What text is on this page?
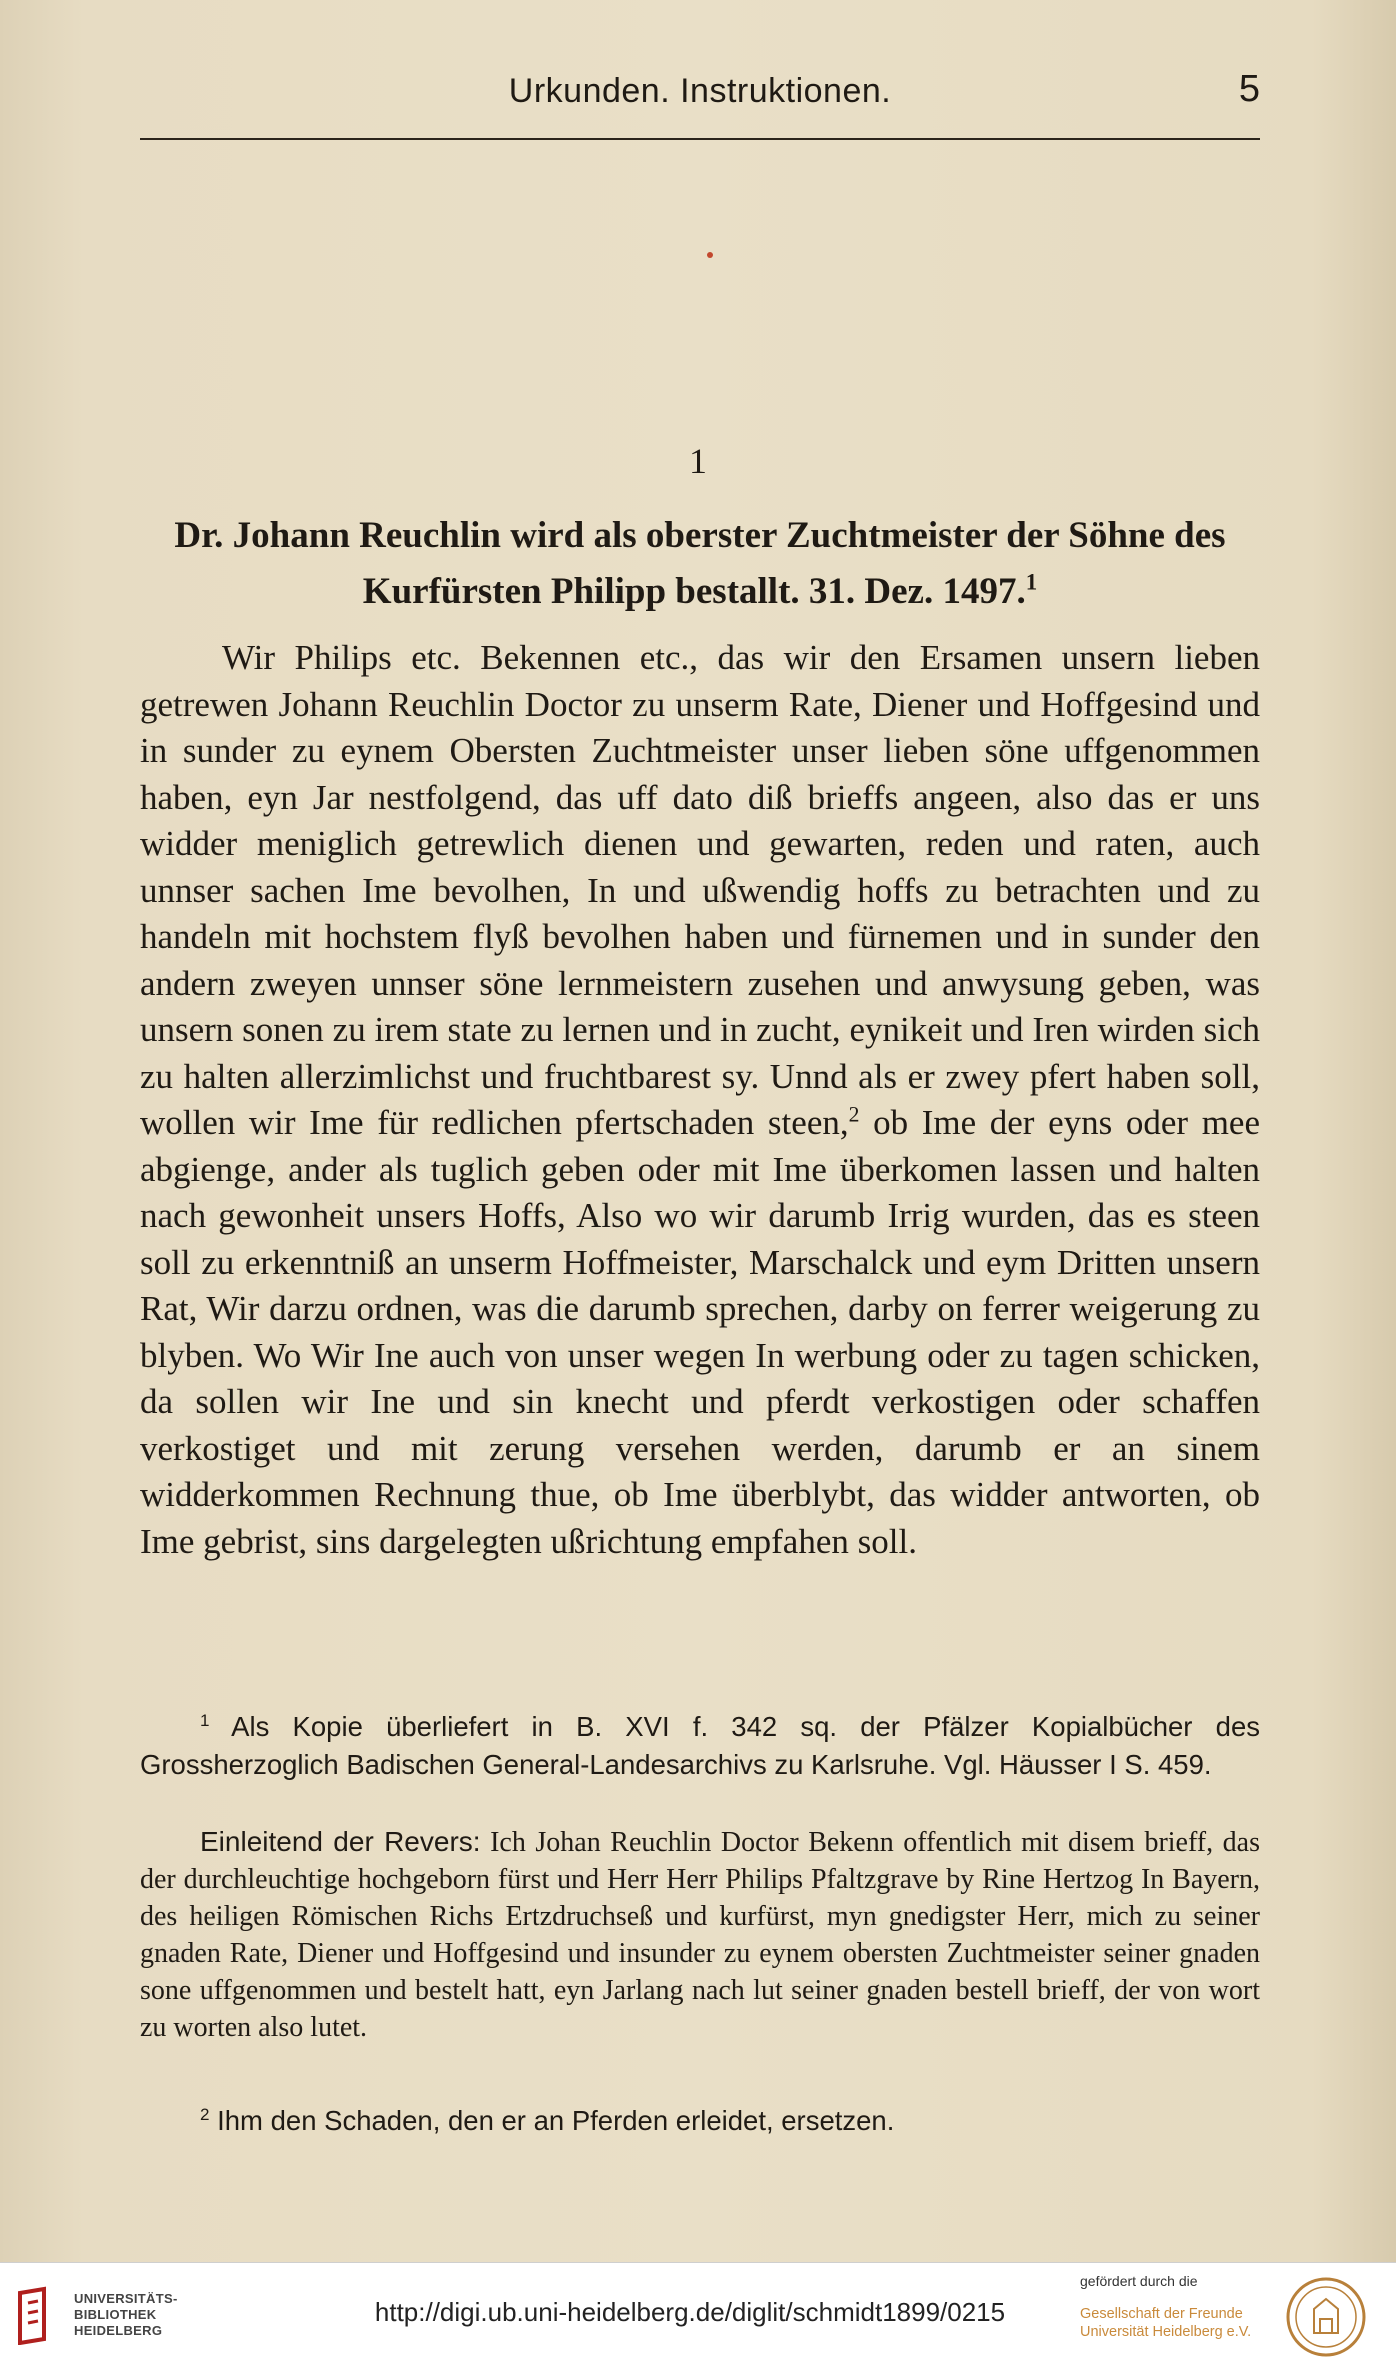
Urkunden. Instruktionen.	5
1
Dr. Johann Reuchlin wird als oberster Zuchtmeister der Söhne des
Kurfürsten Philipp bestallt. 31. Dez. 1497.$^1$

Wir Philips etc. Bekennen etc., das wir den Ersamen unsern lieben getrewen Johann Reuchlin Doctor zu unserm Rate, Diener und Hoffgesind und in sunder zu eynem Obersten Zuchtmeister unser lieben söne uffgenommen haben, eyn Jar nestfolgend, das uff dato diß brieffs angeen, also das er uns widder meniglich getrewlich dienen und gewarten, reden und raten, auch unnser sachen Ime bevolhen, In und ußwendig hoffs zu betrachten und zu handeln mit hochstem flyß bevolhen haben und fürnemen und in sunder den andern zweyen unnser söne lernmeistern zusehen und anwysung geben, was unsern sonen zu irem state zu lernen und in zucht, eynikeit und Iren wirden sich zu halten allerzimlichst und fruchtbarest sy. Unnd als er zwey pfert haben soll, wollen wir Ime für redlichen pfertschaden steen,$^2$ ob Ime der eyns oder mee abgienge, ander als tuglich geben oder mit Ime überkomen lassen und halten nach gewonheit unsers Hoffs, Also wo wir darumb Irrig wurden, das es steen soll zu erkenntniß an unserm Hoffmeister, Marschalck und eym Dritten unsern Rat, Wir darzu ordnen, was die darumb sprechen, darby on ferrer weigerung zu blyben. Wo Wir Ine auch von unser wegen In werbung oder zu tagen schicken, da sollen wir Ine und sin knecht und pferdt verkostigen oder schaffen verkostiget und mit zerung versehen werden, darumb er an sinem widderkommen Rechnung thue, ob Ime überblybt, das widder antworten, ob Ime gebrist, sins dargelegten ußrichtung empfahen soll.

$^1$ Als Kopie überliefert in B. XVI f. 342 sq. der Pfälzer Kopialbücher des Grossherzoglich Badischen General-Landesarchivs zu Karlsruhe. Vgl. Häusser I S. 459.

Einleitend der Revers: Ich Johan Reuchlin Doctor Bekenn offentlich mit disem brieff, das der durchleuchtige hochgeborn fürst und Herr Herr Philips Pfaltzgrave by Rine Hertzog In Bayern, des heiligen Römischen Richs Ertzdruchseß und kurfürst, myn gnedigster Herr, mich zu seiner gnaden Rate, Diener und Hoffgesind und insunder zu eynem obersten Zuchtmeister seiner gnaden sone uffgenommen und bestelt hatt, eyn Jarlang nach lut seiner gnaden bestell brieff, der von wort zu worten also lutet.

$^2$ Ihm den Schaden, den er an Pferden erleidet, ersetzen.

UNIVERSITÄTS-
BIBLIOTHEK
HEIDELBERG
http://digi.ub.uni-heidelberg.de/diglit/schmidt1899/0215
gefördert durch die
Gesellschaft der Freunde
Universität Heidelberg e.V.
